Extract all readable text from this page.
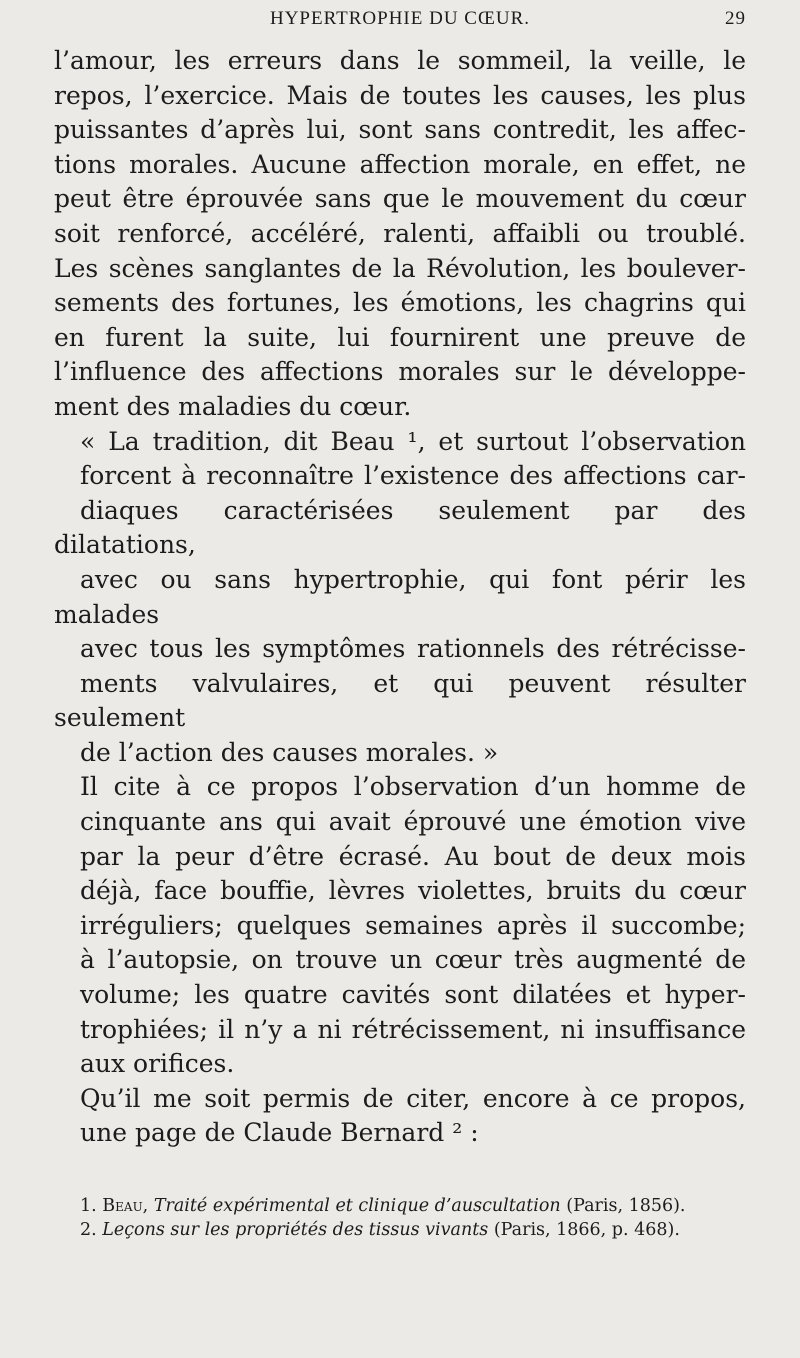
HYPERTROPHIE DU CŒUR.	29

l’amour, les erreurs dans le sommeil, la veille, le
repos, l’exercice. Mais de toutes les causes, les plus
puissantes d’après lui, sont sans contredit, les affec-
tions morales. Aucune affection morale, en effet, ne
peut être éprouvée sans que le mouvement du cœur
soit renforcé, accéléré, ralenti, affaibli ou troublé.
Les scènes sanglantes de la Révolution, les boulever-
sements des fortunes, les émotions, les chagrins qui
en furent la suite, lui fournirent une preuve de
l’influence des affections morales sur le développe-
ment des maladies du cœur.

« La tradition, dit Beau ¹, et surtout l’observation
forcent à reconnaître l’existence des affections car-
diaques caractérisées seulement par des dilatations,
avec ou sans hypertrophie, qui font périr les malades
avec tous les symptômes rationnels des rétrécisse-
ments valvulaires, et qui peuvent résulter seulement
de l’action des causes morales. »

Il cite à ce propos l’observation d’un homme de
cinquante ans qui avait éprouvé une émotion vive
par la peur d’être écrasé. Au bout de deux mois
déjà, face bouffie, lèvres violettes, bruits du cœur
irréguliers; quelques semaines après il succombe;
à l’autopsie, on trouve un cœur très augmenté de
volume; les quatre cavités sont dilatées et hyper-
trophiées; il n’y a ni rétrécissement, ni insuffisance
aux orifices.

Qu’il me soit permis de citer, encore à ce propos,
une page de Claude Bernard ² :

1. Beau, Traité expérimental et clinique d’auscultation (Paris, 1856).

2. Leçons sur les propriétés des tissus vivants (Paris, 1866, p. 468).
